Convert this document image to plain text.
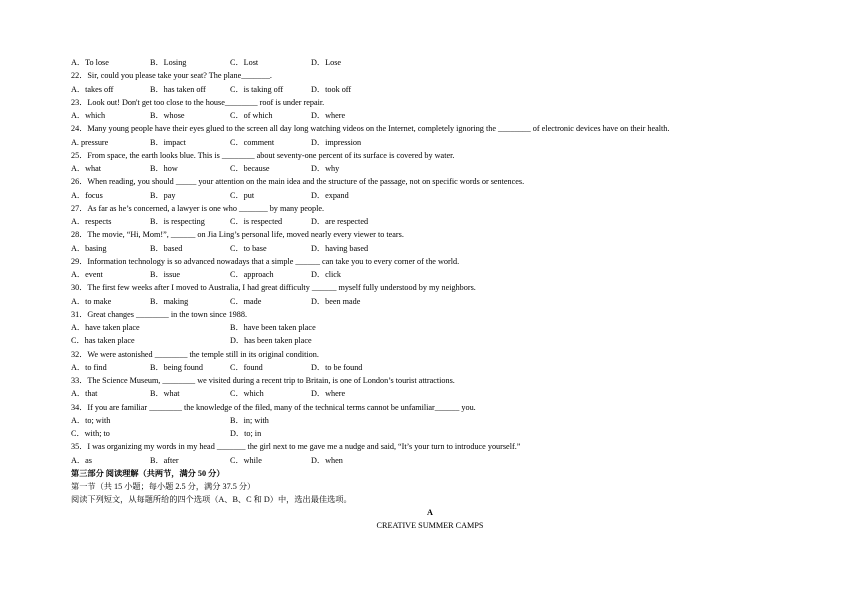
A．To lose	B．Losing	C．Lost	D．Lose
22．Sir, could you please take your seat? The plane_______.
A．takes off	B．has taken off	C．is taking off	D．took off
23．Look out! Don't get too close to the house________ roof is under repair.
A．which	B．whose	C．of which	D．where
24．Many young people have their eyes glued to the screen all day long watching videos on the Internet, completely ignoring the ________ of electronic devices have on their health.
A. pressure	B．impact	C．comment	D．impression
25．From space, the earth looks blue. This is ________ about seventy-one percent of its surface is covered by water.
A．what	B．how	C．because	D．why
26．When reading, you should _____ your attention on the main idea and the structure of the passage, not on specific words or sentences.
A．focus	B．pay	C．put	D．expand
27．As far as he’s concerned, a lawyer is one who _______ by many people.
A．respects	B．is respecting	C．is respected	D．are respected
28．The movie, “Hi, Mom!”, ______ on Jia Ling’s personal life, moved nearly every viewer to tears.
A．basing	B．based	C．to base	D．having based
29．Information technology is so advanced nowadays that a simple ______ can take you to every corner of the world.
A．event	B．issue	C．approach	D．click
30．The first few weeks after I moved to Australia, I had great difficulty ______ myself fully understood by my neighbors.
A．to make	B．making	C．made	D．been made
31．Great changes ________ in the town since 1988.
A．have taken place	B．have been taken place
C．has taken place	D．has been taken place
32．We were astonished ________ the temple still in its original condition.
A．to find	B．being found	C．found	D．to be found
33．The Science Museum, ________ we visited during a recent trip to Britain, is one of London’s tourist attractions.
A．that	B．what	C．which	D．where
34．If you are familiar ________ the knowledge of the filed, many of the technical terms cannot be unfamiliar______ you.
A．to; with	B．in; with
C．with; to	D．to; in
35．I was organizing my words in my head _______ the girl next to me gave me a nudge and said, “It’s your turn to introduce yourself.”
A．as	B．after	C．while	D．when
第三部分 阅读理解（共两节，满分 50 分）
第一节（共 15 小题；每小题 2.5 分，满分 37.5 分）
阅读下列短文，从每题所给的四个选项（A、B、C 和 D）中，选出最佳选项。
A
CREATIVE SUMMER CAMPS
